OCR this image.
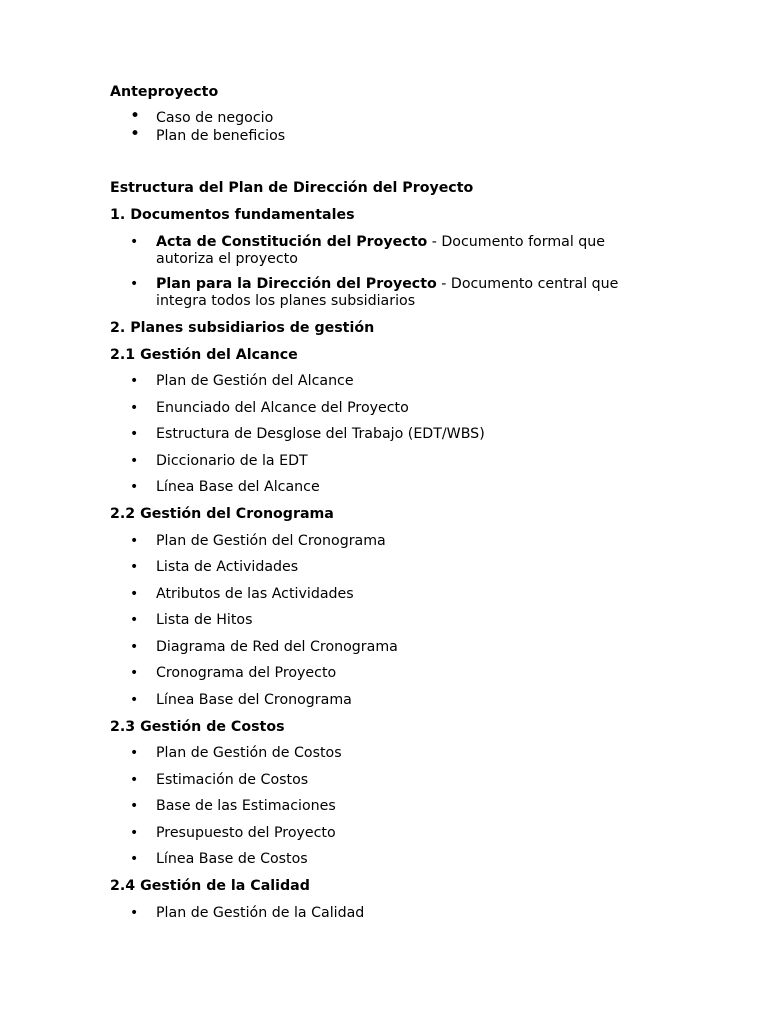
Anteproyecto

• Caso de negocio
• Plan de beneficios

Estructura del Plan de Dirección del Proyecto

1. Documentos fundamentales

• Acta de Constitución del Proyecto - Documento formal que autoriza el proyecto
• Plan para la Dirección del Proyecto - Documento central que integra todos los planes subsidiarios

2. Planes subsidiarios de gestión

2.1 Gestión del Alcance

• Plan de Gestión del Alcance
• Enunciado del Alcance del Proyecto
• Estructura de Desglose del Trabajo (EDT/WBS)
• Diccionario de la EDT
• Línea Base del Alcance

2.2 Gestión del Cronograma

• Plan de Gestión del Cronograma
• Lista de Actividades
• Atributos de las Actividades
• Lista de Hitos
• Diagrama de Red del Cronograma
• Cronograma del Proyecto
• Línea Base del Cronograma

2.3 Gestión de Costos

• Plan de Gestión de Costos
• Estimación de Costos
• Base de las Estimaciones
• Presupuesto del Proyecto
• Línea Base de Costos

2.4 Gestión de la Calidad

• Plan de Gestión de la Calidad
